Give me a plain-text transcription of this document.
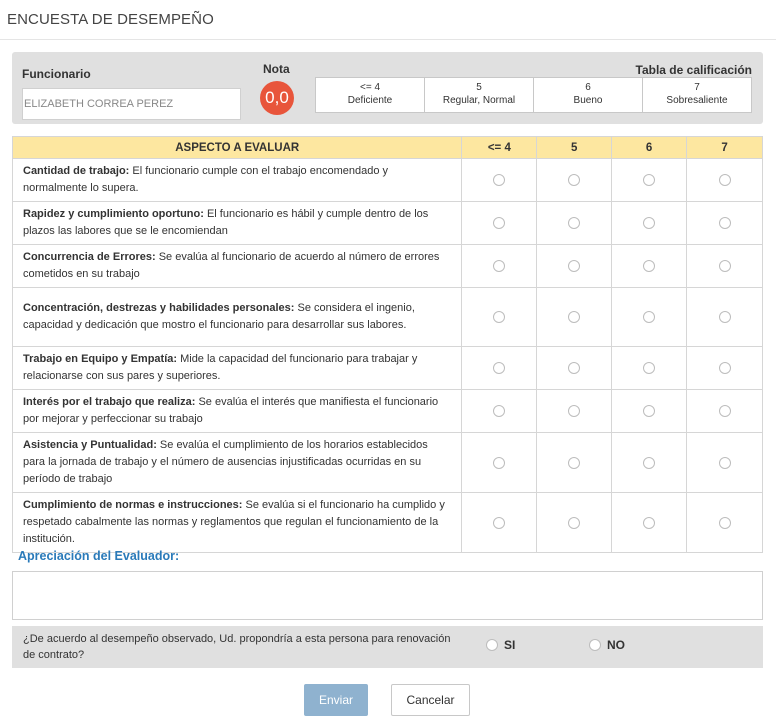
ENCUESTA DE DESEMPEÑO
Funcionario
ELIZABETH CORREA PEREZ
Nota
0,0
Tabla de calificación
<= 4
Deficiente
5
Regular, Normal
6
Bueno
7
Sobresaliente
ASPECTO A EVALUAR	<= 4	5	6	7
Cantidad de trabajo: El funcionario cumple con el trabajo encomendado y normalmente lo supera.				
Rapidez y cumplimiento oportuno: El funcionario es hábil y cumple dentro de los plazos las labores que se le encomiendan				
Concurrencia de Errores: Se evalúa al funcionario de acuerdo al número de errores cometidos en su trabajo				
Concentración, destrezas y habilidades personales: Se considera el ingenio, capacidad y dedicación que mostro el funcionario para desarrollar sus labores.				
Trabajo en Equipo y Empatía: Mide la capacidad del funcionario para trabajar y relacionarse con sus pares y superiores.				
Interés por el trabajo que realiza: Se evalúa el interés que manifiesta el funcionario por mejorar y perfeccionar su trabajo				
Asistencia y Puntualidad: Se evalúa el cumplimiento de los horarios establecidos para la jornada de trabajo y el número de ausencias injustificadas ocurridas en su período de trabajo				
Cumplimiento de normas e instrucciones: Se evalúa si el funcionario ha cumplido y respetado cabalmente las normas y reglamentos que regulan el funcionamiento de la institución.				
Apreciación del Evaluador:
¿De acuerdo al desempeño observado, Ud. propondría a esta persona para renovación de contrato?
SI	NO
Enviar	Cancelar
